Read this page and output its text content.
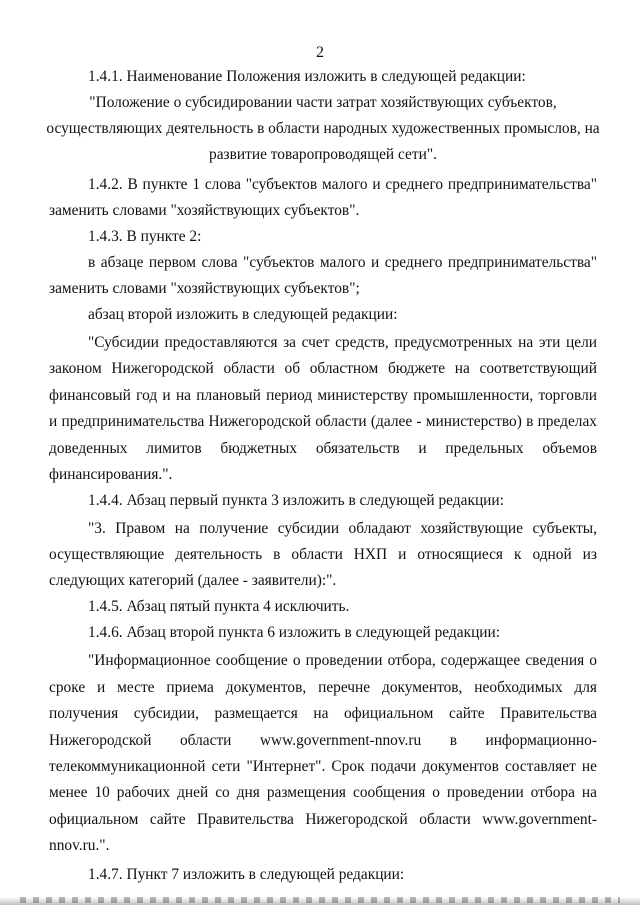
2

1.4.1. Наименование Положения изложить в следующей редакции:

"Положение о субсидировании части затрат хозяйствующих субъектов, осуществляющих деятельность в области народных художественных промыслов, на развитие товаропроводящей сети".

1.4.2. В пункте 1 слова "субъектов малого и среднего предпринимательства" заменить словами "хозяйствующих субъектов".

1.4.3. В пункте 2:

в абзаце первом слова "субъектов малого и среднего предпринимательства" заменить словами "хозяйствующих субъектов";

абзац второй изложить в следующей редакции:

"Субсидии предоставляются за счет средств, предусмотренных на эти цели законом Нижегородской области об областном бюджете на соответствующий финансовый год и на плановый период министерству промышленности, торговли и предпринимательства Нижегородской области (далее - министерство) в пределах доведенных лимитов бюджетных обязательств и предельных объемов финансирования.".

1.4.4. Абзац первый пункта 3 изложить в следующей редакции:

"3. Правом на получение субсидии обладают хозяйствующие субъекты, осуществляющие деятельность в области НХП и относящиеся к одной из следующих категорий (далее - заявители):".

1.4.5. Абзац пятый пункта 4 исключить.

1.4.6. Абзац второй пункта 6 изложить в следующей редакции:

"Информационное сообщение о проведении отбора, содержащее сведения о сроке и месте приема документов, перечне документов, необходимых для получения субсидии, размещается на официальном сайте Правительства Нижегородской области www.government-nnov.ru в информационно-телекоммуникационной сети "Интернет". Срок подачи документов составляет не менее 10 рабочих дней со дня размещения сообщения о проведении отбора на официальном сайте Правительства Нижегородской области www.government-nnov.ru.".

1.4.7. Пункт 7 изложить в следующей редакции:
